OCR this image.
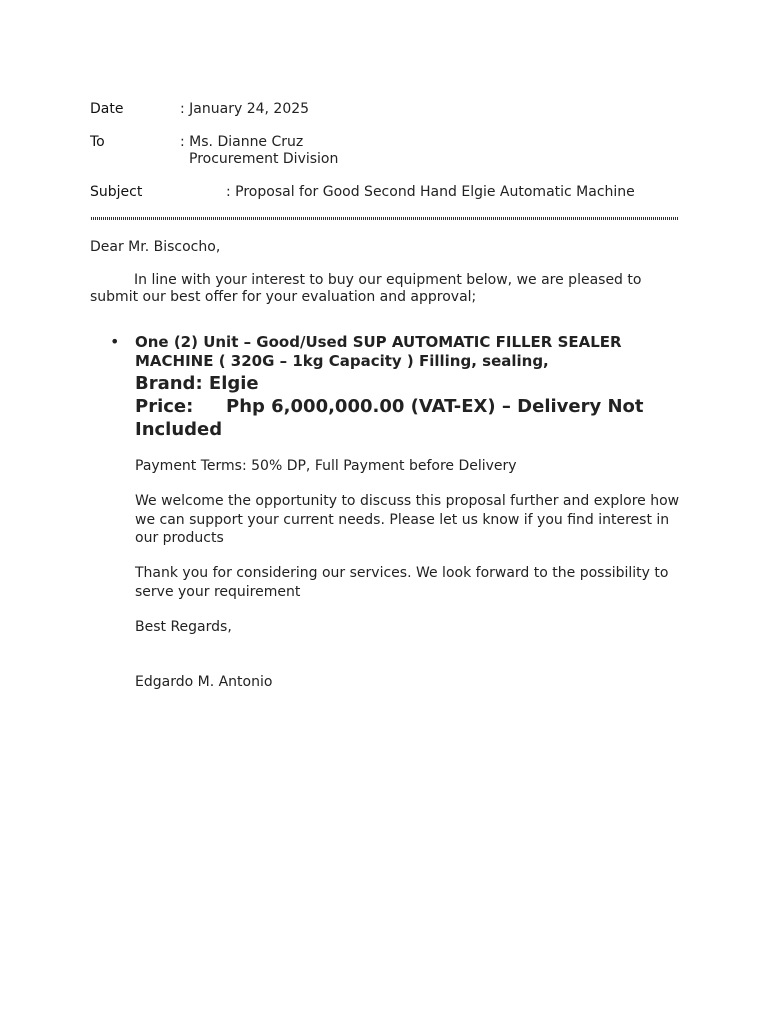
Date	: January 24, 2025
To	: Ms. Dianne Cruz
Procurement Division
Subject	: Proposal for Good Second Hand Elgie Automatic Machine
Dear Mr. Biscocho,
In line with your interest to buy our equipment below, we are pleased to
submit our best offer for your evaluation and approval;
• One (2) Unit – Good/Used SUP AUTOMATIC FILLER SEALER
MACHINE ( 320G – 1kg Capacity ) Filling, sealing,
Brand: Elgie
Price: Php 6,000,000.00 (VAT-EX) – Delivery Not
Included
Payment Terms: 50% DP, Full Payment before Delivery
We welcome the opportunity to discuss this proposal further and explore how
we can support your current needs. Please let us know if you find interest in
our products
Thank you for considering our services. We look forward to the possibility to
serve your requirement
Best Regards,
Edgardo M. Antonio
